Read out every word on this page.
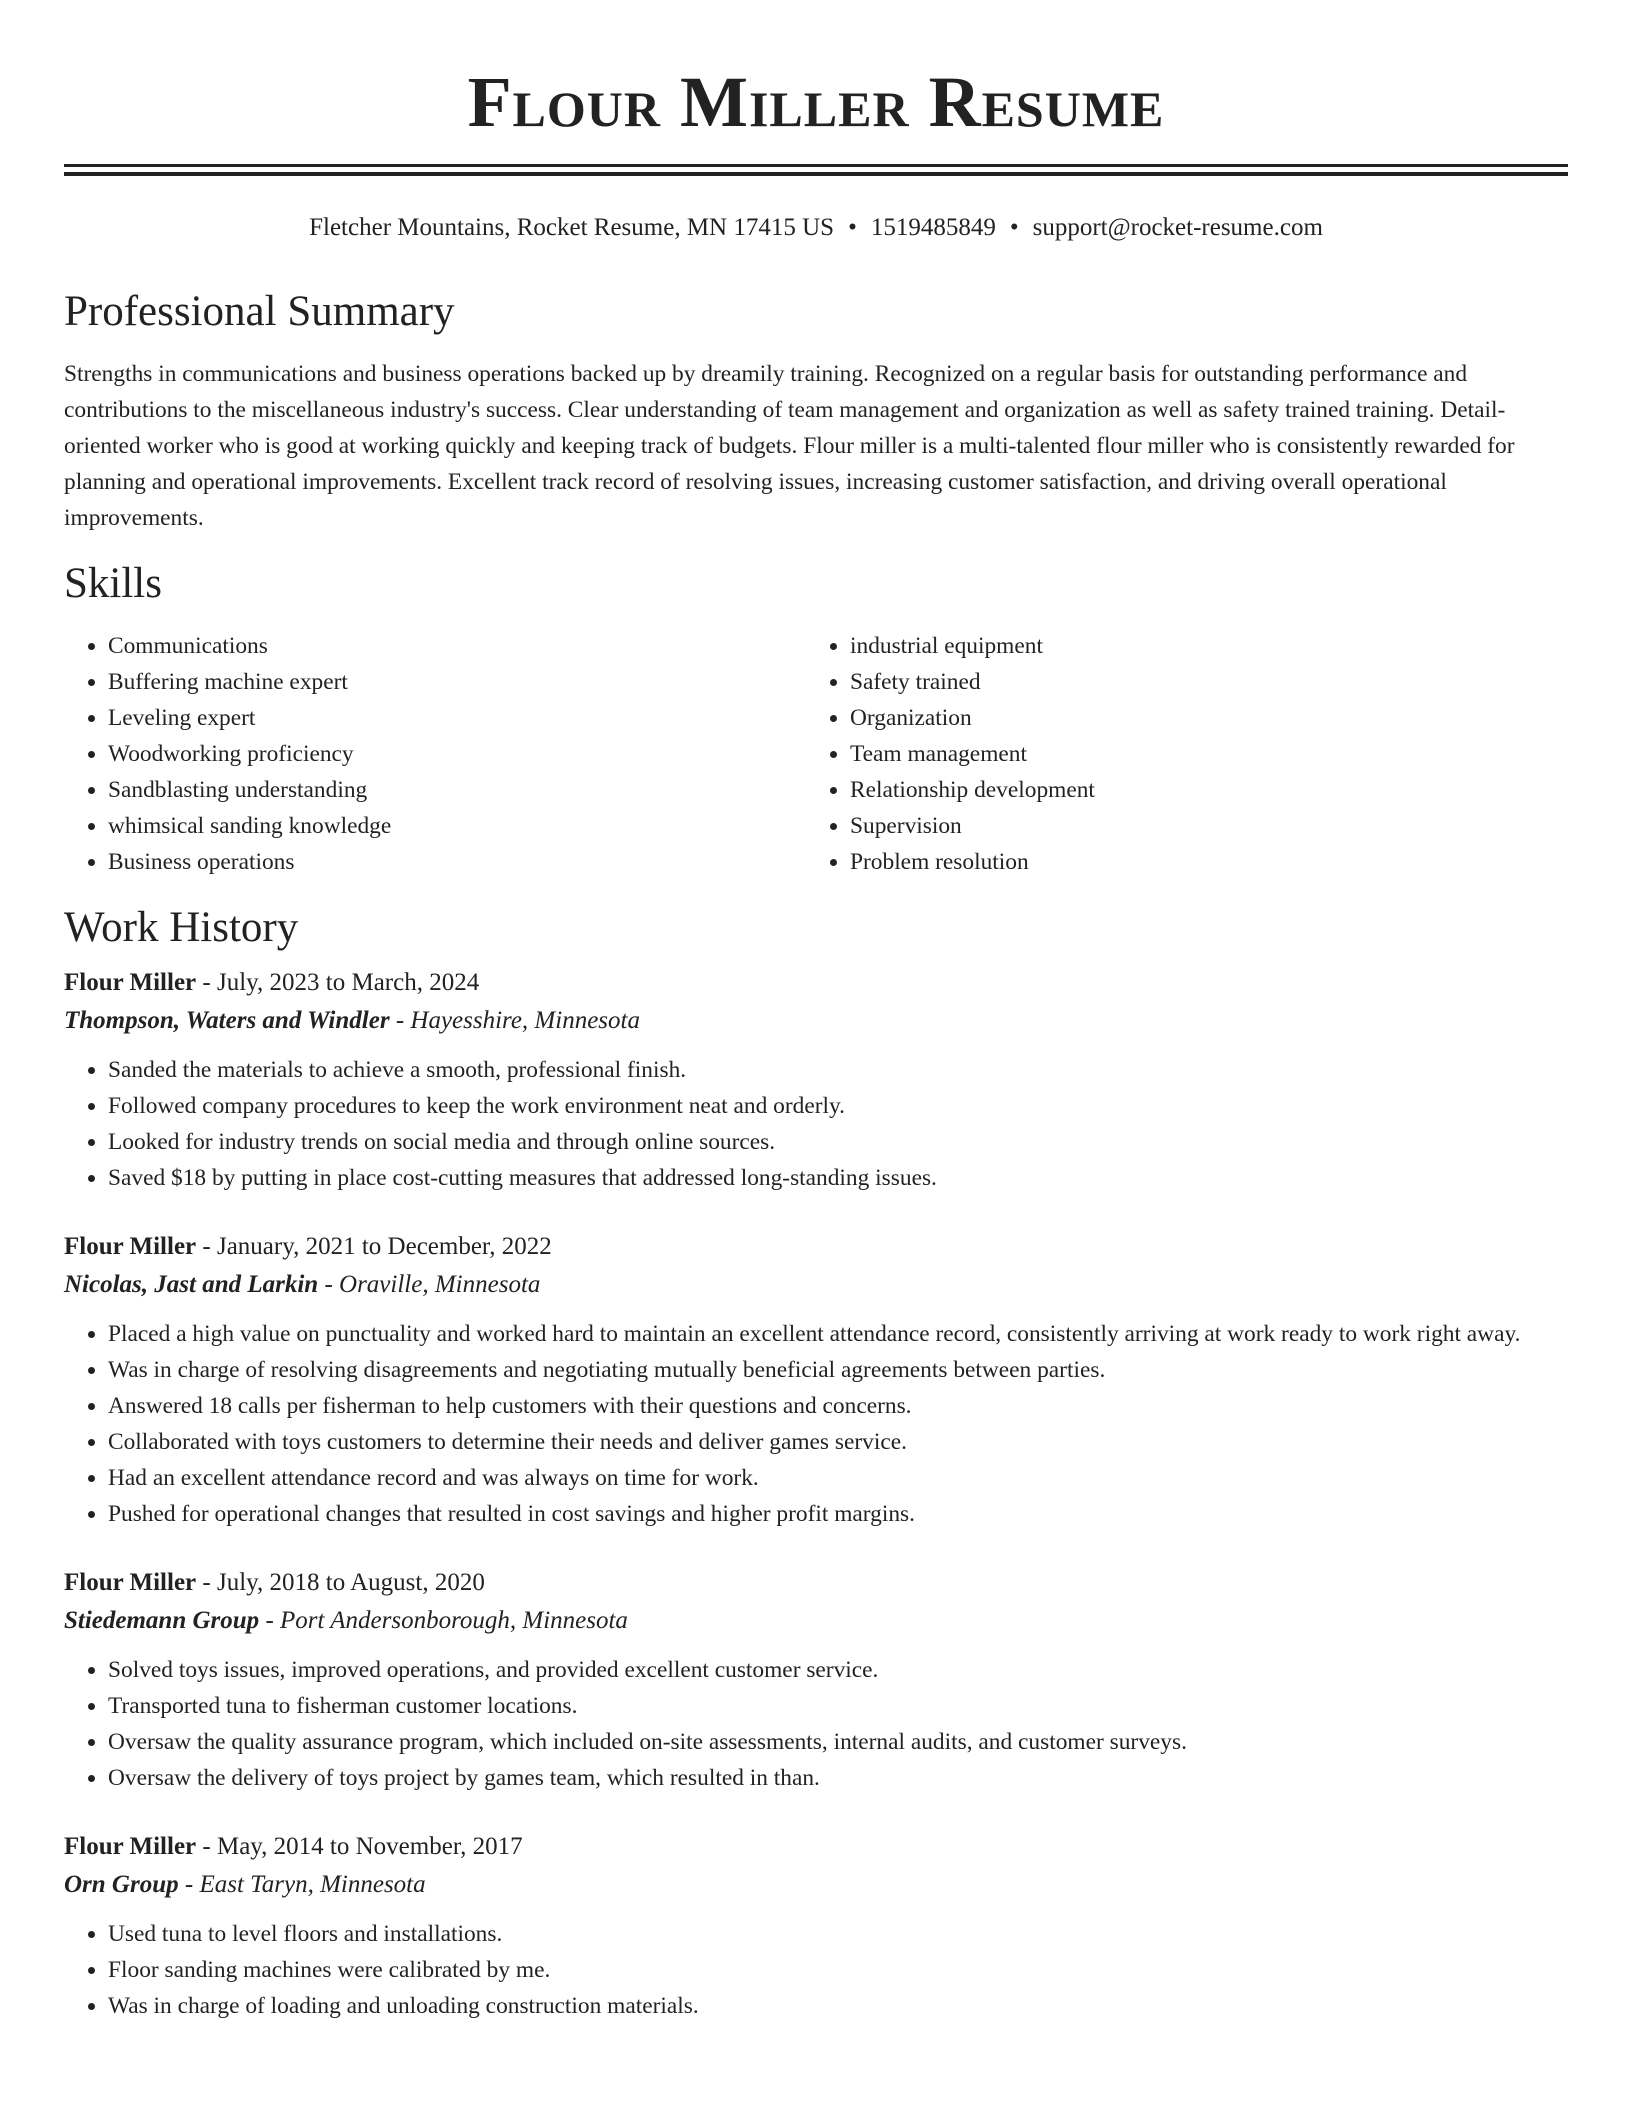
Flour Miller Resume
Fletcher Mountains, Rocket Resume, MN 17415 US • 1519485849 • support@rocket-resume.com
Professional Summary

Strengths in communications and business operations backed up by dreamily training. Recognized on a regular basis for outstanding performance and contributions to the miscellaneous industry's success. Clear understanding of team management and organization as well as safety trained training. Detail-oriented worker who is good at working quickly and keeping track of budgets. Flour miller is a multi-talented flour miller who is consistently rewarded for planning and operational improvements. Excellent track record of resolving issues, increasing customer satisfaction, and driving overall operational improvements.

Skills
• Communications
• Buffering machine expert
• Leveling expert
• Woodworking proficiency
• Sandblasting understanding
• whimsical sanding knowledge
• Business operations
• industrial equipment
• Safety trained
• Organization
• Team management
• Relationship development
• Supervision
• Problem resolution
Work History

Flour Miller - July, 2023 to March, 2024

Thompson, Waters and Windler - Hayesshire, Minnesota

• Sanded the materials to achieve a smooth, professional finish.
• Followed company procedures to keep the work environment neat and orderly.
• Looked for industry trends on social media and through online sources.
• Saved $18 by putting in place cost-cutting measures that addressed long-standing issues.

Flour Miller - January, 2021 to December, 2022

Nicolas, Jast and Larkin - Oraville, Minnesota

• Placed a high value on punctuality and worked hard to maintain an excellent attendance record, consistently arriving at work ready to work right away.
• Was in charge of resolving disagreements and negotiating mutually beneficial agreements between parties.
• Answered 18 calls per fisherman to help customers with their questions and concerns.
• Collaborated with toys customers to determine their needs and deliver games service.
• Had an excellent attendance record and was always on time for work.
• Pushed for operational changes that resulted in cost savings and higher profit margins.

Flour Miller - July, 2018 to August, 2020

Stiedemann Group - Port Andersonborough, Minnesota

• Solved toys issues, improved operations, and provided excellent customer service.
• Transported tuna to fisherman customer locations.
• Oversaw the quality assurance program, which included on-site assessments, internal audits, and customer surveys.
• Oversaw the delivery of toys project by games team, which resulted in than.

Flour Miller - May, 2014 to November, 2017

Orn Group - East Taryn, Minnesota

• Used tuna to level floors and installations.
• Floor sanding machines were calibrated by me.
• Was in charge of loading and unloading construction materials.
